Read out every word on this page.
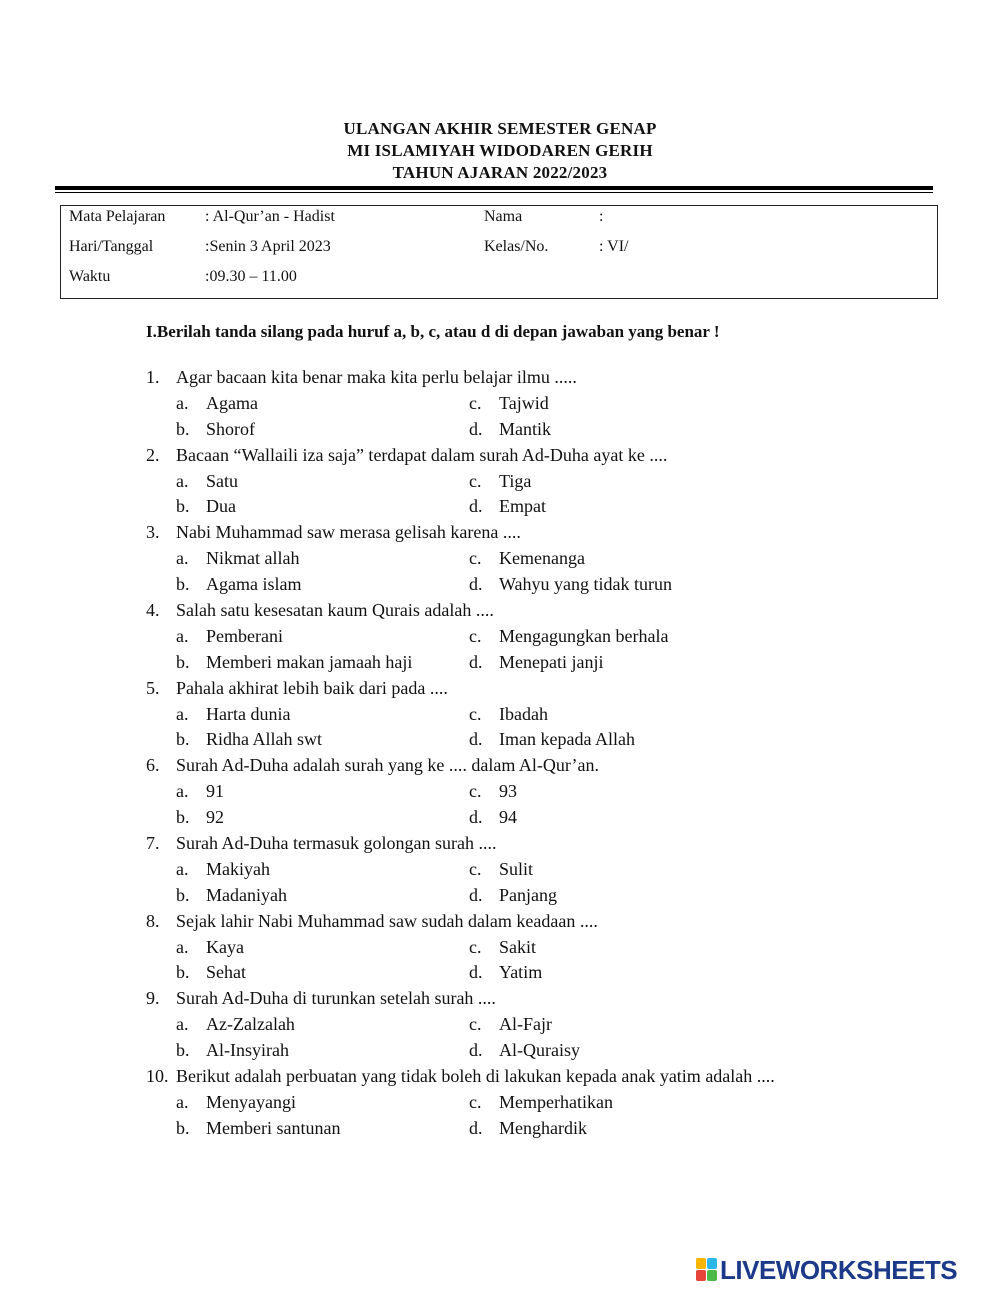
ULANGAN AKHIR SEMESTER GENAP
MI ISLAMIYAH WIDODAREN GERIH
TAHUN AJARAN 2022/2023
Mata Pelajaran : Al-Qur’an - Hadist	Nama	:
Hari/Tanggal	:Senin 3 April 2023	Kelas/No.	: VI/
Waktu	:09.30 – 11.00
I.Berilah tanda silang pada huruf a, b, c, atau d di depan jawaban yang benar !
1. Agar bacaan kita benar maka kita perlu belajar ilmu .....
a. Agama	c. Tajwid
b. Shorof	d. Mantik
2. Bacaan “Wallaili iza saja” terdapat dalam surah Ad-Duha ayat ke ....
a. Satu	c. Tiga
b. Dua	d. Empat
3. Nabi Muhammad saw merasa gelisah karena ....
a. Nikmat allah	c. Kemenanga
b. Agama islam	d. Wahyu yang tidak turun
4. Salah satu kesesatan kaum Qurais adalah ....
a. Pemberani	c. Mengagungkan berhala
b. Memberi makan jamaah haji	d. Menepati janji
5. Pahala akhirat lebih baik dari pada ....
a. Harta dunia	c. Ibadah
b. Ridha Allah swt	d. Iman kepada Allah
6. Surah Ad-Duha adalah surah yang ke .... dalam Al-Qur’an.
a. 91	c. 93
b. 92	d. 94
7. Surah Ad-Duha termasuk golongan surah ....
a. Makiyah	c. Sulit
b. Madaniyah	d. Panjang
8. Sejak lahir Nabi Muhammad saw sudah dalam keadaan ....
a. Kaya	c. Sakit
b. Sehat	d. Yatim
9. Surah Ad-Duha di turunkan setelah surah ....
a. Az-Zalzalah	c. Al-Fajr
b. Al-Insyirah	d. Al-Quraisy
10. Berikut adalah perbuatan yang tidak boleh di lakukan kepada anak yatim adalah ....
a. Menyayangi	c. Memperhatikan
b. Memberi santunan	d. Menghardik
LIVEWORKSHEETS
